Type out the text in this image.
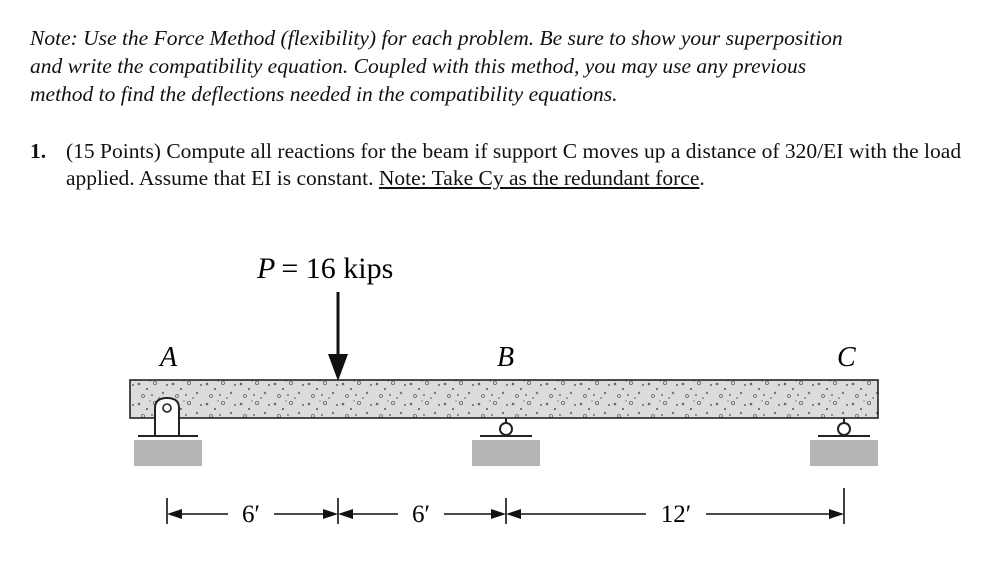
Note: Use the Force Method (flexibility) for each problem. Be sure to show your superposition

and write the compatibility equation. Coupled with this method, you may use any previous

method to find the deflections needed in the compatibility equations.

1. (15 Points) Compute all reactions for the beam if support C moves up a distance of 320/EI with the load applied. Assume that EI is constant. Note: Take Cy as the redundant force.
P = 16 kips
A	B	C
6′	6′	12′
